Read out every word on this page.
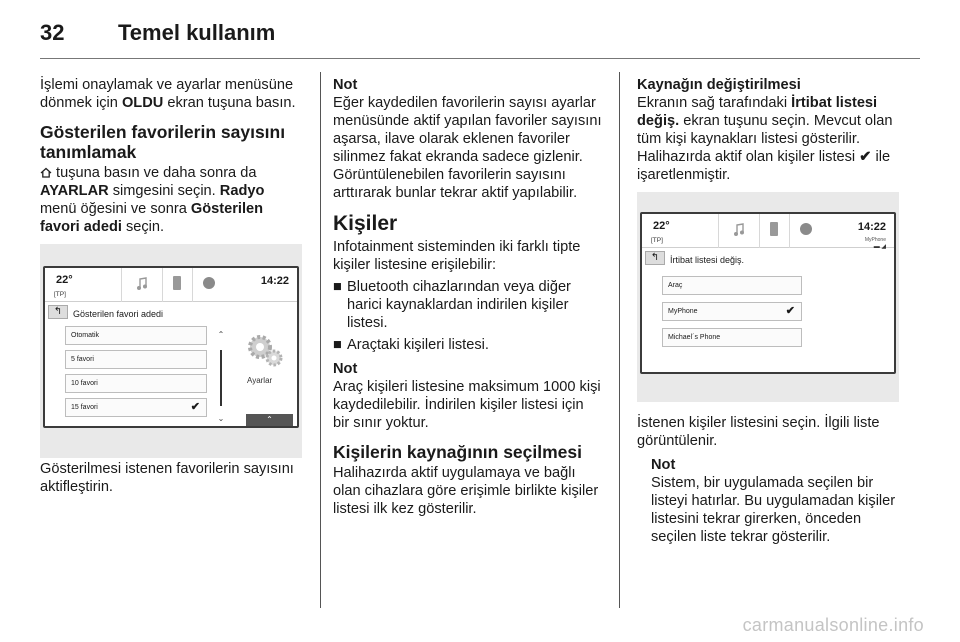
32 Temel kullanım

İşlemi onaylamak ve ayarlar menüsüne dönmek için OLDU ekran tuşuna basın.

Gösterilen favorilerin sayısını tanımlamak

tuşuna basın ve daha sonra da AYARLAR simgesini seçin. Radyo menü öğesini ve sonra Gösterilen favori adedi seçin.

22°
[TP]
14:22
↰	Gösterilen favori adedi
Otomatik
5 favori
10 favori
15 favori	✔
⌃
⌄
Ayarlar
⌃

Gösterilmesi istenen favorilerin sayısını aktifleştirin.

Not

Eğer kaydedilen favorilerin sayısı ayarlar menüsünde aktif yapılan favoriler sayısını aşarsa, ilave olarak eklenen favoriler silinmez fakat ekranda sadece gizlenir. Görüntülenebilen favorilerin sayısını arttırarak bunlar tekrar aktif yapılabilir.

Kişiler

Infotainment sisteminden iki farklı tipte kişiler listesine erişilebilir:

■ Bluetooth cihazlarından veya diğer harici kaynaklardan indirilen kişiler listesi.
■ Araçtaki kişileri listesi.

Not

Araç kişileri listesine maksimum 1000 kişi kaydedilebilir. İndirilen kişiler listesi için bir sınır yoktur.

Kişilerin kaynağının seçilmesi

Halihazırda aktif uygulamaya ve bağlı olan cihazlara göre erişimle birlikte kişiler listesi ilk kez gösterilir.

Kaynağın değiştirilmesi

Ekranın sağ tarafındaki İrtibat listesi değiş. ekran tuşunu seçin. Mevcut olan tüm kişi kaynakları listesi gösterilir. Halihazırda aktif olan kişiler listesi ✔ ile işaretlenmiştir.

22°
[TP]
14:22
MyPhone
▬ ◢
↰	İrtibat listesi değiş.
Araç
MyPhone	✔
Michael´s Phone

İstenen kişiler listesini seçin. İlgili liste görüntülenir.

Not

Sistem, bir uygulamada seçilen bir listeyi hatırlar. Bu uygulamadan kişiler listesini tekrar girerken, önceden seçilen liste tekrar gösterilir.

carmanualsonline.info
